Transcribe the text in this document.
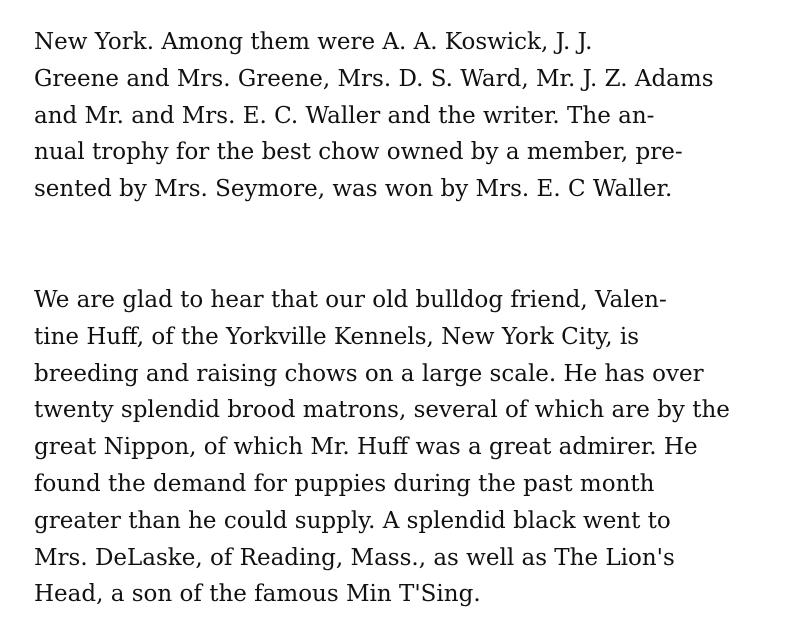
New York. Among them were A. A. Koswick, J. J.
Greene and Mrs. Greene, Mrs. D. S. Ward, Mr. J. Z. Adams
and Mr. and Mrs. E. C. Waller and the writer. The an-
nual trophy for the best chow owned by a member, pre-
sented by Mrs. Seymore, was won by Mrs. E. C Waller.

We are glad to hear that our old bulldog friend, Valen-
tine Huff, of the Yorkville Kennels, New York City, is
breeding and raising chows on a large scale. He has over
twenty splendid brood matrons, several of which are by the
great Nippon, of which Mr. Huff was a great admirer. He
found the demand for puppies during the past month
greater than he could supply. A splendid black went to
Mrs. DeLaske, of Reading, Mass., as well as The Lion's
Head, a son of the famous Min T'Sing.
